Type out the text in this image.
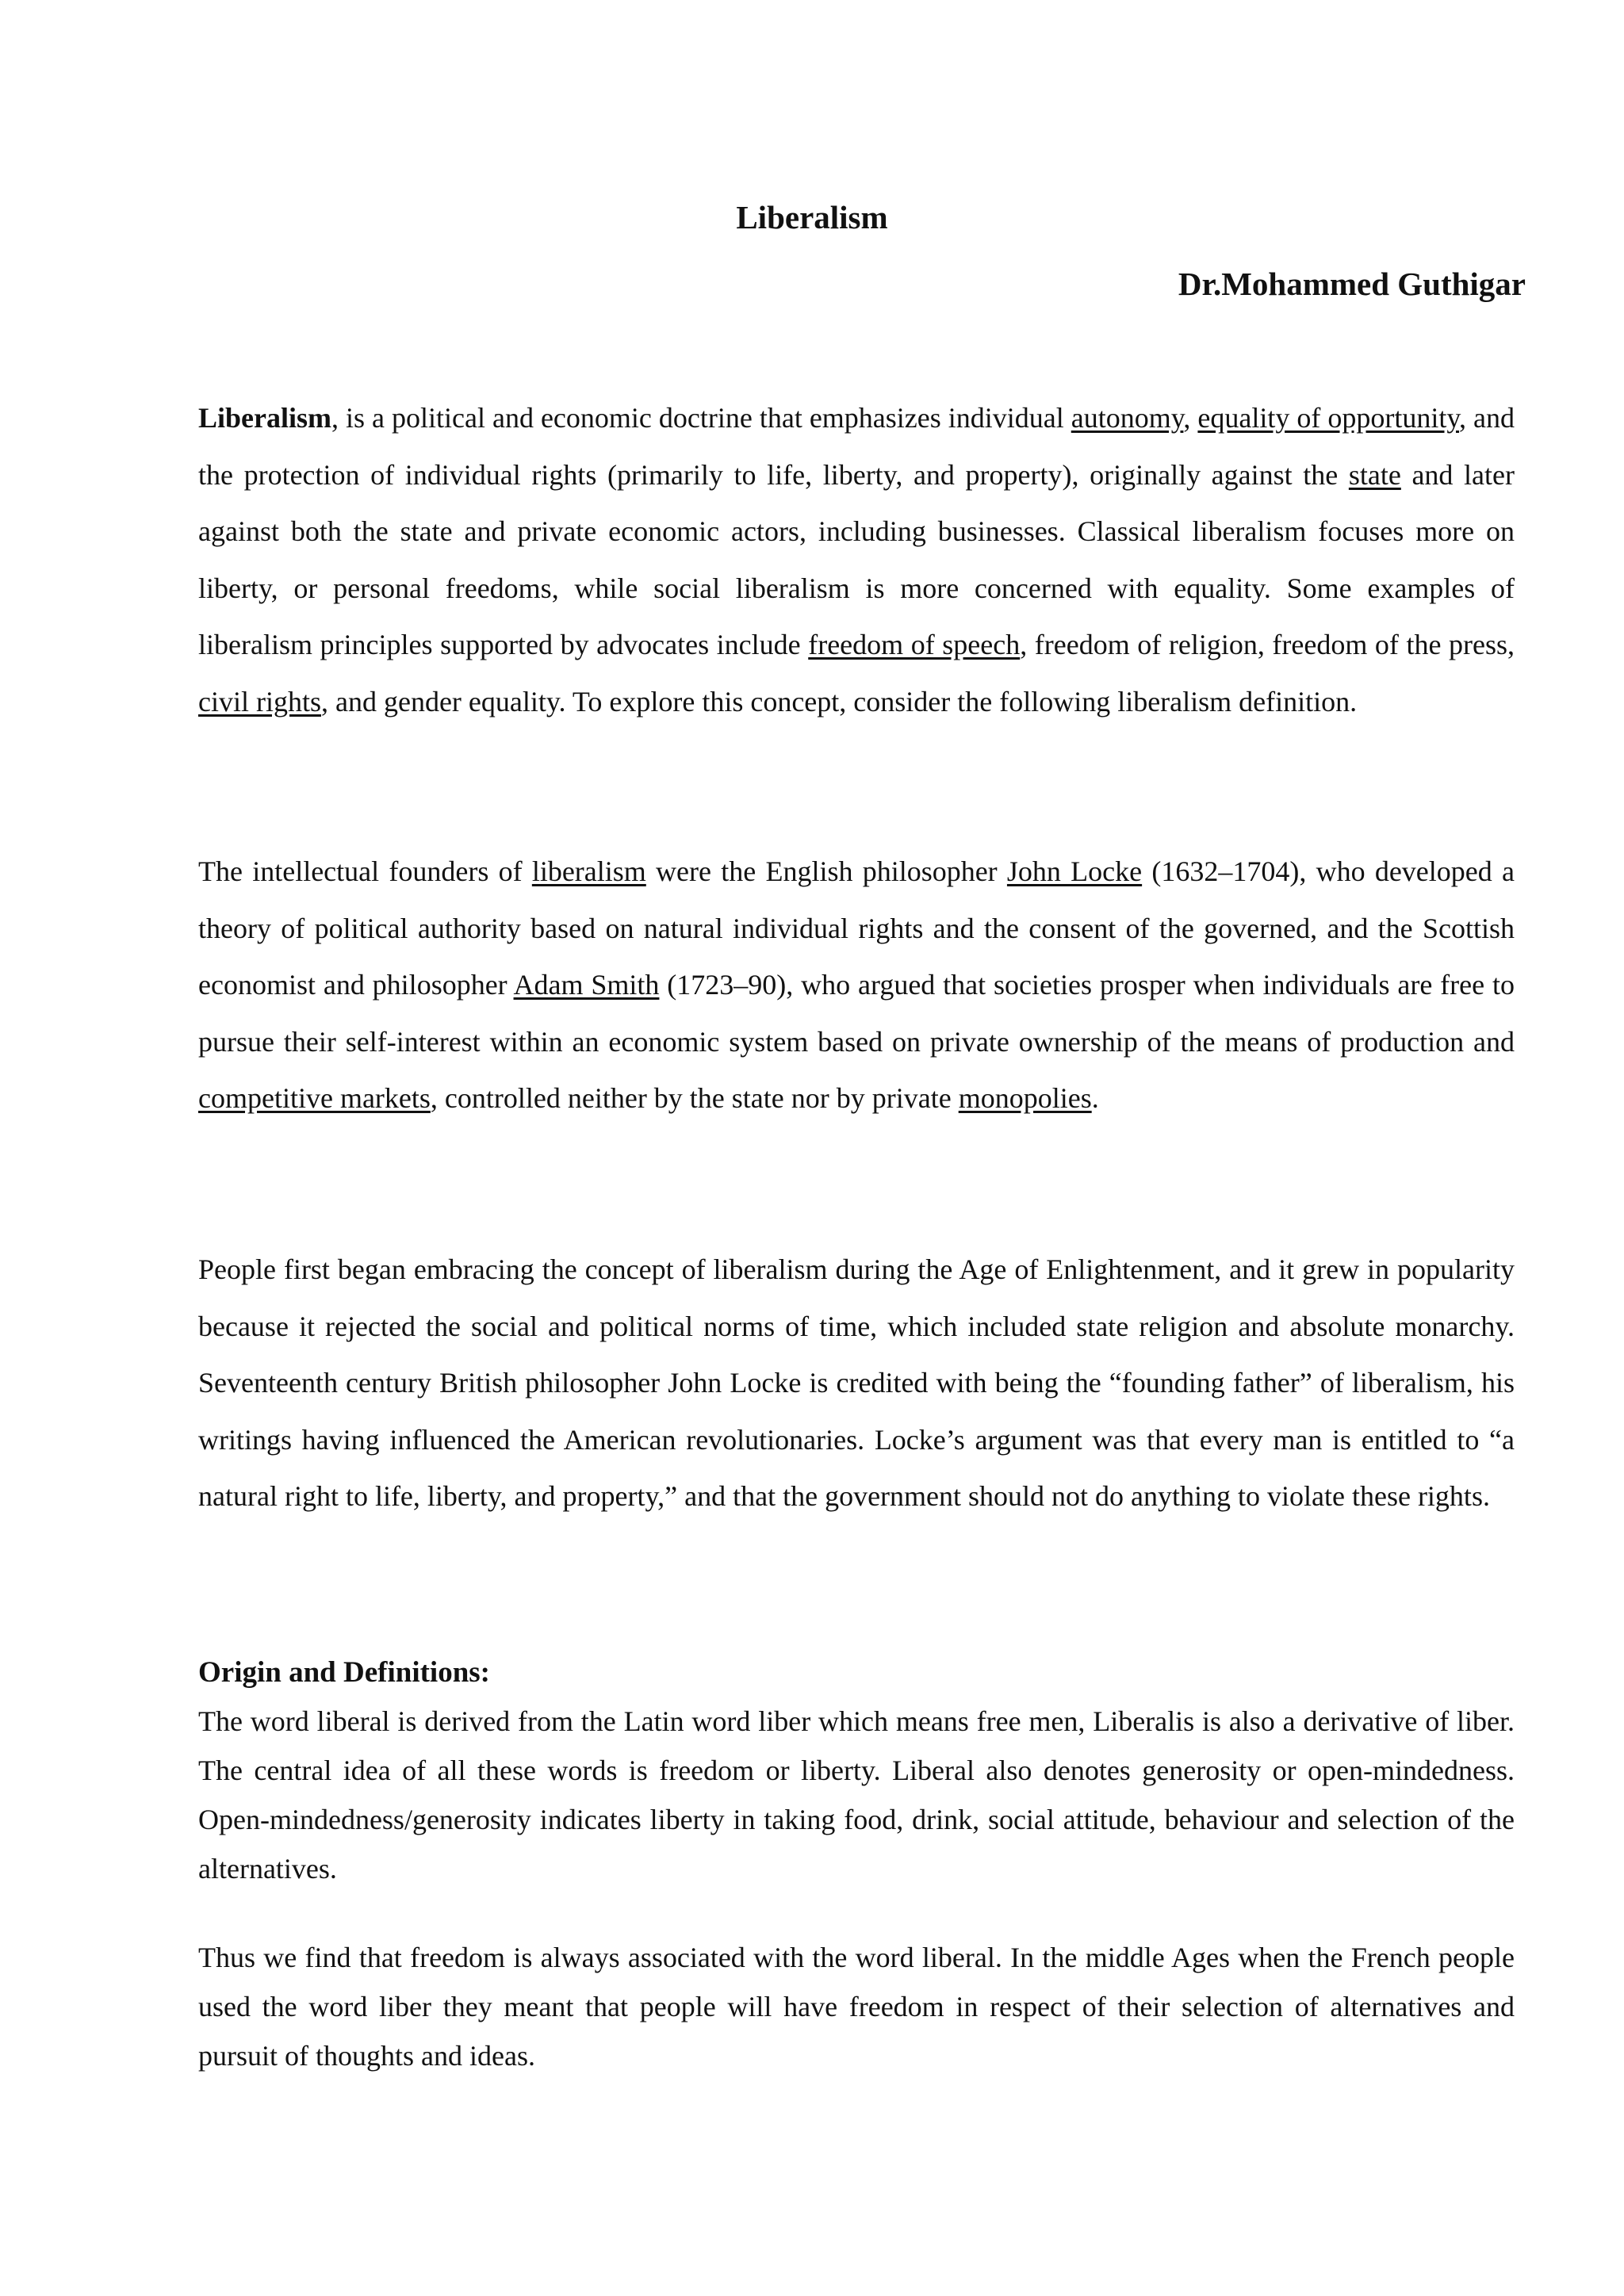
Liberalism

Dr.Mohammed Guthigar

Liberalism, is a political and economic doctrine that emphasizes individual autonomy, equality of opportunity, and the protection of individual rights (primarily to life, liberty, and property), originally against the state and later against both the state and private economic actors, including businesses. Classical liberalism focuses more on liberty, or personal freedoms, while social liberalism is more concerned with equality. Some examples of liberalism principles supported by advocates include freedom of speech, freedom of religion, freedom of the press, civil rights, and gender equality. To explore this concept, consider the following liberalism definition.

The intellectual founders of liberalism were the English philosopher John Locke (1632–1704), who developed a theory of political authority based on natural individual rights and the consent of the governed, and the Scottish economist and philosopher Adam Smith (1723–90), who argued that societies prosper when individuals are free to pursue their self-interest within an economic system based on private ownership of the means of production and competitive markets, controlled neither by the state nor by private monopolies.

People first began embracing the concept of liberalism during the Age of Enlightenment, and it grew in popularity because it rejected the social and political norms of time, which included state religion and absolute monarchy. Seventeenth century British philosopher John Locke is credited with being the “founding father” of liberalism, his writings having influenced the American revolutionaries. Locke’s argument was that every man is entitled to “a natural right to life, liberty, and property,” and that the government should not do anything to violate these rights.

Origin and Definitions:

The word liberal is derived from the Latin word liber which means free men, Liberalis is also a derivative of liber. The central idea of all these words is freedom or liberty. Liberal also denotes generosity or open-mindedness. Open-mindedness/generosity indicates liberty in taking food, drink, social attitude, behaviour and selection of the alternatives.

Thus we find that freedom is always associated with the word liberal. In the middle Ages when the French people used the word liber they meant that people will have freedom in respect of their selection of alternatives and pursuit of thoughts and ideas.
